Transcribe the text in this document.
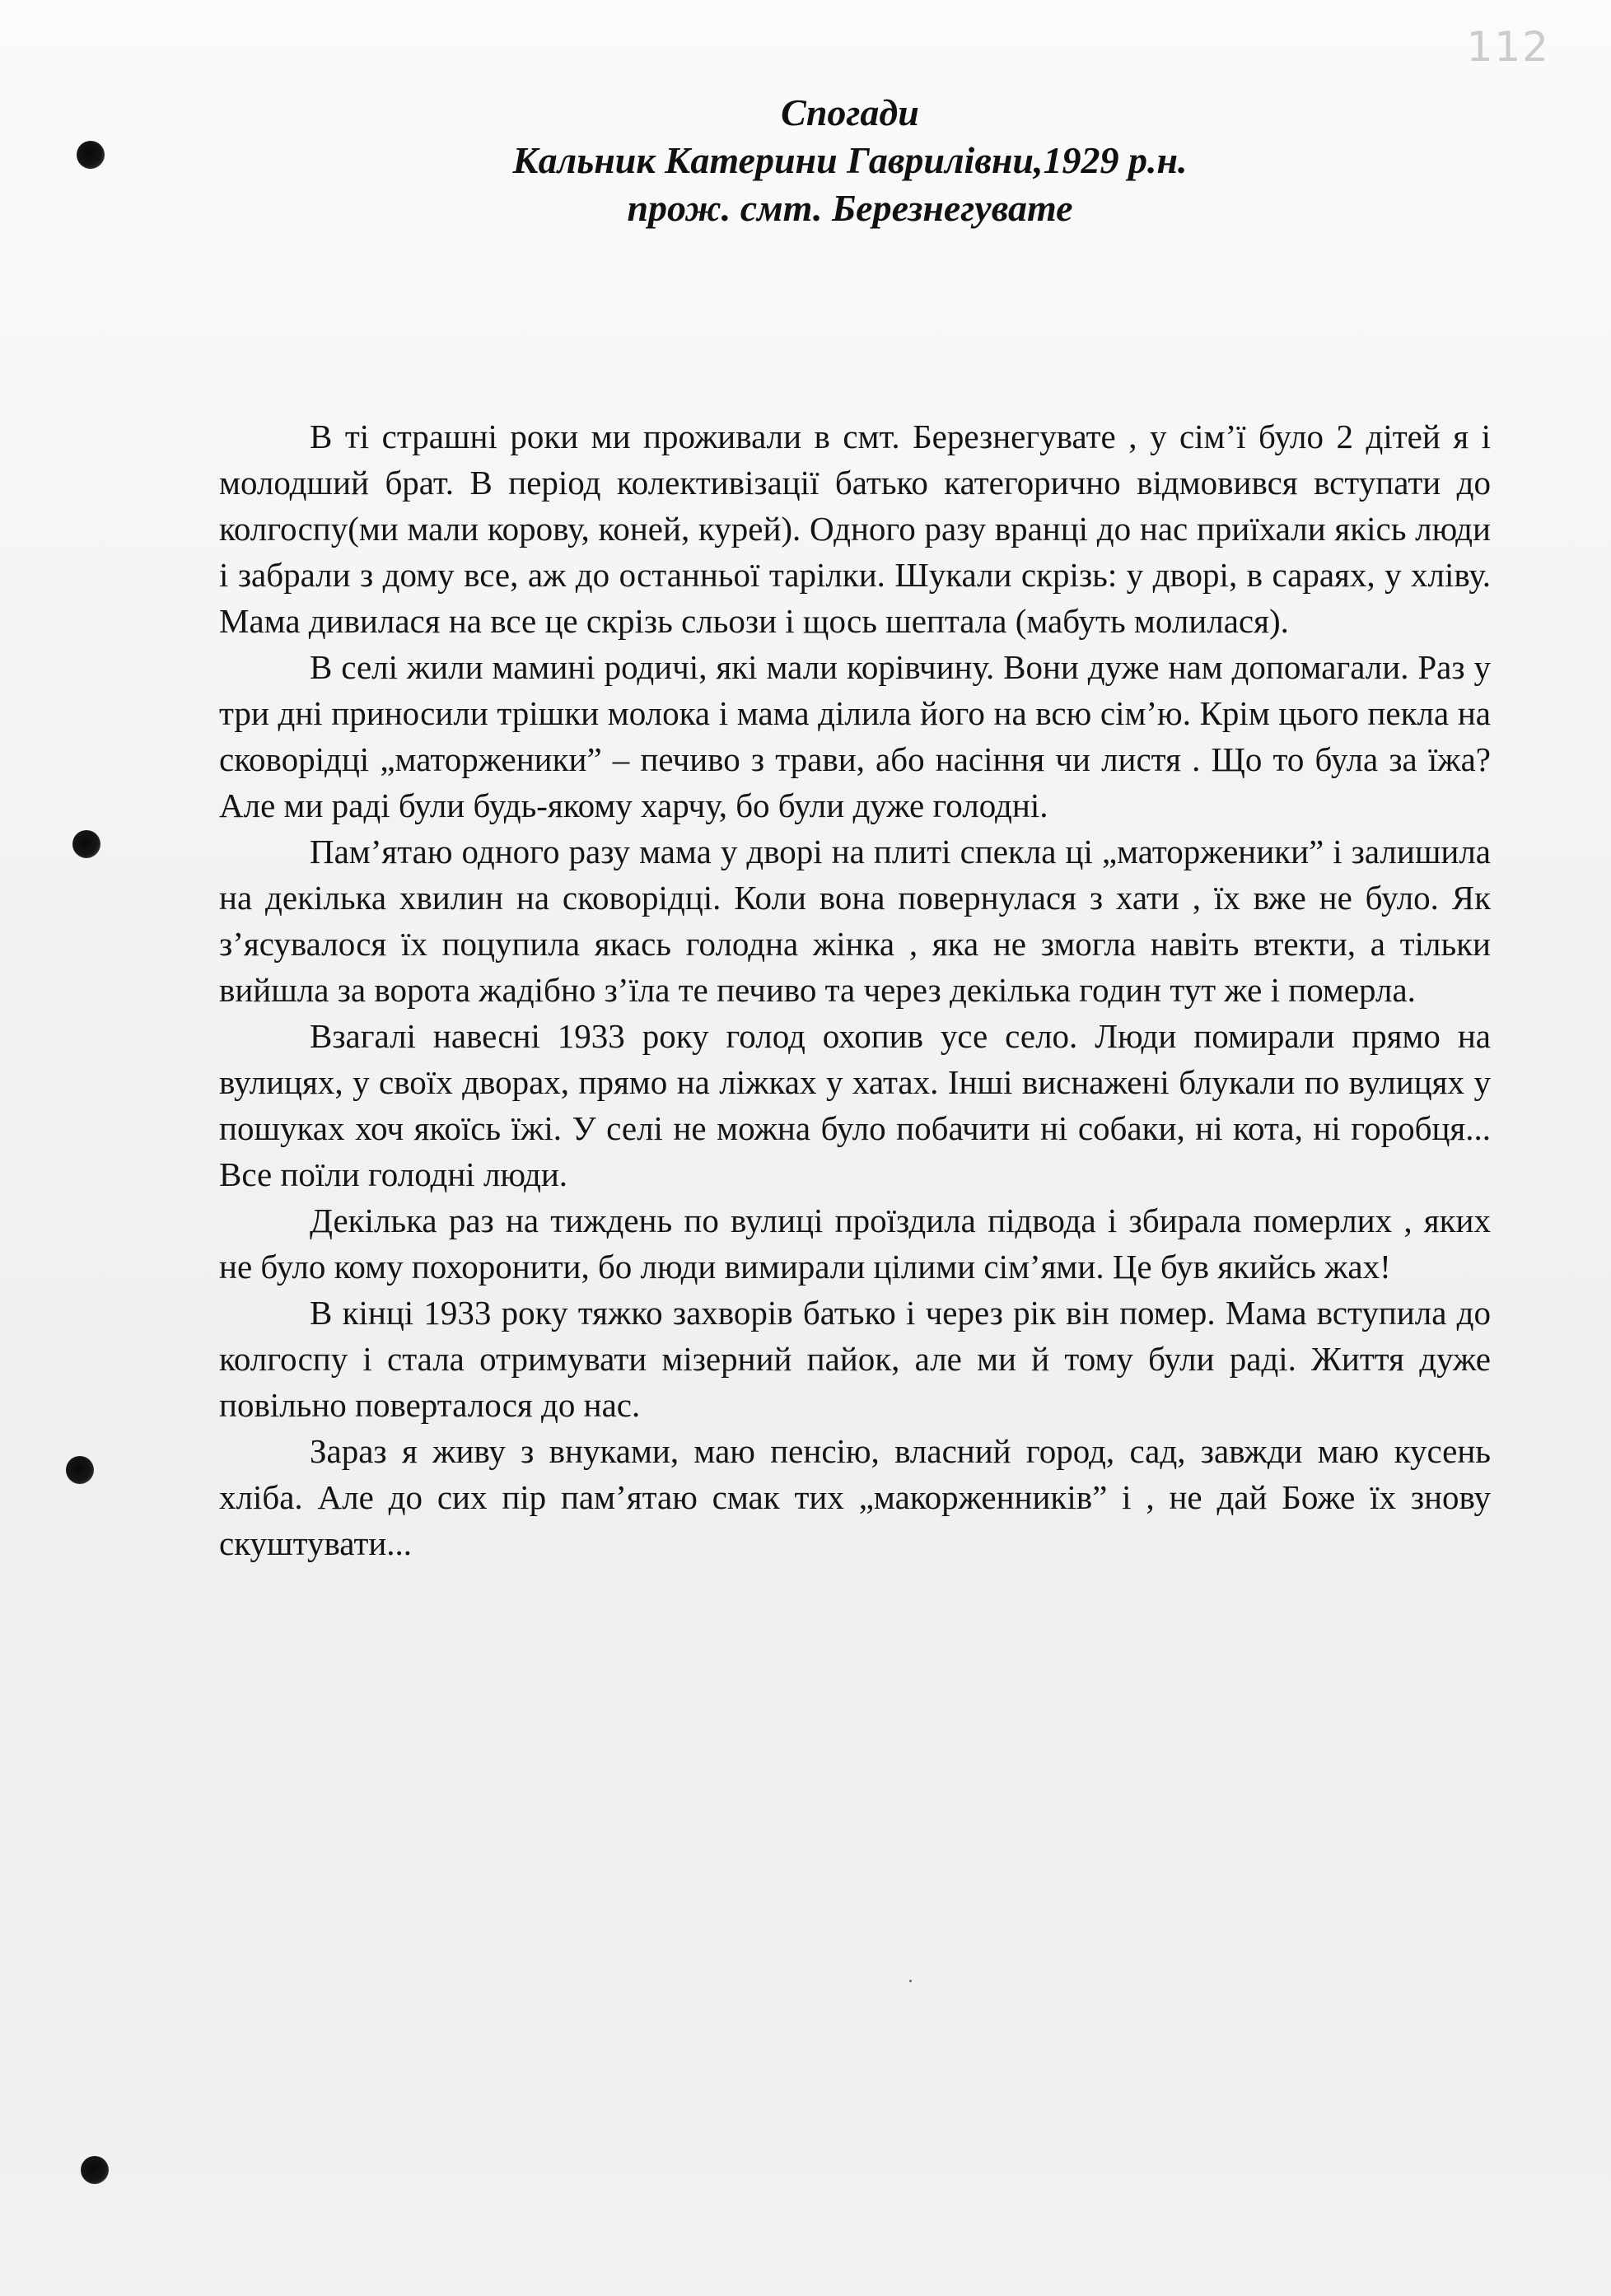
112
Спогади
Кальник Катерини Гаврилівни,1929 р.н.
прож. смт. Березнегувате

В ті страшні роки ми проживали в смт. Березнегувате , у сім’ї було 2 дітей я і молодший брат. В період колективізації батько категорично відмовився вступати до колгоспу(ми мали корову, коней, курей). Одного разу вранці до нас приїхали якісь люди і забрали з дому все, аж до останньої тарілки. Шукали скрізь: у дворі, в сараях, у хліву. Мама дивилася на все це скрізь сльози і щось шептала (мабуть молилася).

В селі жили мамині родичі, які мали корівчину. Вони дуже нам допомагали. Раз у три дні приносили трішки молока і мама ділила його на всю сім’ю. Крім цього пекла на сковорідці „маторженики” – печиво з трави, або насіння чи листя . Що то була за їжа? Але ми раді були будь-якому харчу, бо були дуже голодні.

Пам’ятаю одного разу мама у дворі на плиті спекла ці „маторженики” і залишила на декілька хвилин на сковорідці. Коли вона повернулася з хати , їх вже не було. Як з’ясувалося їх поцупила якась голодна жінка , яка не змогла навіть втекти, а тільки вийшла за ворота жадібно з’їла те печиво та через декілька годин тут же і померла.

Взагалі навесні 1933 року голод охопив усе село. Люди помирали прямо на вулицях, у своїх дворах, прямо на ліжках у хатах. Інші виснажені блукали по вулицях у пошуках хоч якоїсь їжі. У селі не можна було побачити ні собаки, ні кота, ні горобця... Все поїли голодні люди.

Декілька раз на тиждень по вулиці проїздила підвода і збирала померлих , яких не було кому похоронити, бо люди вимирали цілими сім’ями. Це був якийсь жах!

В кінці 1933 року тяжко захворів батько і через рік він помер. Мама вступила до колгоспу і стала отримувати мізерний пайок, але ми й тому були раді. Життя дуже повільно поверталося до нас.

Зараз я живу з внуками, маю пенсію, власний город, сад, завжди маю кусень хліба. Але до сих пір пам’ятаю смак тих „макорженників” і , не дай Боже їх знову скуштувати...
